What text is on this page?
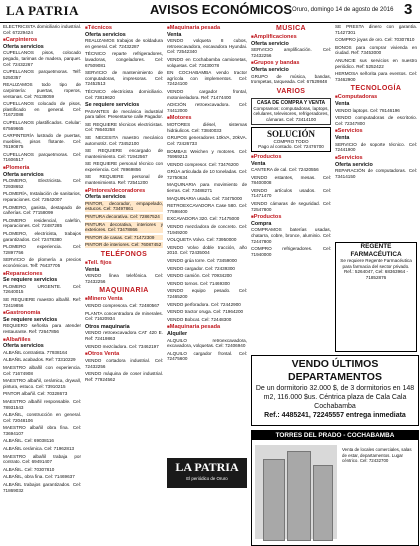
LA PATRIA	AVISOS ECONÓMICOS Oruro, domingo 14 de agosto de 2016 3
ELECTRICISTA domiciliario industrial. Cel: 67229424
■ Carpinteros
Oferta servicios
CUPELLANOS pisos, colocado pegado, tarimas de madera, parquet. Cel: 72432267
CUPELLANOS parquetmoras. Telf: 5250357
REALIZAMOS todo tipo de carpintería: puertas, roperos, ventanas. Cel: 76138059
CUPELLANOS colocado de pisos, plastificado en general. Cel: 71672088
CUPELLANOS plastificados. Celular: 67569665
CARPINTERÍA lustrado de puertas, muebles, pisos flotante. Cel: 76190875
CUPELLANOS parquetmoras. Cel: 71606517
■ Plomería
Oferta servicios
PLOMERO, Electricista. Cel: 72938652
PLOMERÍA, Instalación de sanitarios, reparaciones. Cel: 72642007
PLOMERO, gasista, destapado de cañerías. Cel: 77158099
PLOMERO residencial, calefón, reparaciones. Cel: 72487285
PLOMERO, electricista, trabajos garantizados. Cel: 72478380
PLOMERO experiencia. Cel: 72897756
SERVICIO de plomería a precios económicos. Telf: 76437705
■ Reparaciones
Se requiere servicios
PLOMERO URGENTE. Cel: 72640015
SE REQUIERE maestro albañil. Ref: 72419856
■ Gastronomía
Se requiere servicios
REQUIERO señorita para atender restaurante. Ref: 72647856
■ Albañiles
Oferta servicios
ALBAÑIL contratista. 77938164
ALBAÑIL acabados. Ref: 73310229
MAESTRO albañil con experiencia. Cel: 71674908
MAESTRO albañil, cerámica, drywall, pintura, estuco. Cel: 73910215
PINTOR albañil. Cel: 70328673
MAESTRO albañil responsable. Cel: 78931543
ALBAÑIL, construcción en general. Cel: 72048106
MAESTRO albañil obra fina. Cel: 73694107
ALBAÑIL. Cel: 69038116
ALBAÑIL cerámica. Cel: 71962813
MAESTRO albañil trabaja por contrato. Cel: 69491407
ALBAÑIL. Cel: 70307810
ALBAÑIL, obra fina. Cel: 71469637
ALBAÑIL trabajos garantizados. Cel: 71869032
■ Técnicos
Oferta servicios
REALIZAMOS trabajos de soldadura en general. Cel: 72432287
TÉCNICO reparte refrigeradores, lavadoras, congeladores. Cel: 67509081
SERVICIO de mantenimiento de computadoras, impresoras. Cel: 72452513
TÉCNICO electricista domiciliario. Cel: 73819620
Se requiere servicios
PASANTES de mecánica industrial para taller. Presentarse calle Pagador.
SE REQUIERE técnicos electricistas. Cel: 78640258
SE NECESITA maestro mecánico automotriz. Cel: 73452100
SE REQUIERE encargado de mantenimiento. Cel: 71942567
SE REQUIERE personal técnico con experiencia. Cel: 78969856
SE REQUIERE personal de mantenimiento. Ref: 72541200
■ Pintores/decoradores
Oferta servicios
PINTOR, decorador, empapelado, estucos. Cel: 73497861
PINTURA decorativa. Cel: 72867524
PINTURA decorativa, interiores y exteriores. Cel: 73478866
PINTOR de casas. Cel: 71472309
PINTOR de interiores. Cel: 76087452
TELÉFONOS
■ Tell. fijos
Venta
VENDO línea telefónica. Cel: 72432256
MAQUINARIA
■ Minero Venta
VENDO compresora. Cel: 72480567
PLANTA concentradora de minerales. Cel: 71620934
Otros maquinaria
VENDO retroexcavadora CAT 420 E. Ref: 72419863
VENDO mezcladora. Cel: 73462197
■ Otros Venta
VENDO cortadora industrial. Cel: 72432256
VENDO máquina de coser industrial. Ref: 77924562
■ Maquinaria pesada
Venta
VENDO volqueta 8 cubos, retroexcavadora, excavadora Hyundai. Cel: 72542340
VENDO en Cochabamba camionetas, volquetas. Cel: 73430078
EN COCHABAMBA vendo tractor agrícola con implementos. Cel: 72424100
VENDO cargador frontal, motoniveladora. Ref: 71474400
ADICIÓN retroexcavadora. Cel: 74412000
■ Motores
MOTORES diésel, sistemas hidráulicos. Cel: 73840033
GRUPOS generadores 10kVA, 20kVA. Cel: 72426733
BOMBAS Weichen y motores. Cel: 76969213
VENDO compresor. Cel: 73476200
GRÚA articulada de 10 toneladas. Cel: 72750634
MAQUINARIA para movimiento de tierras. Cel: 73488271
MAQUINARIA usada. Cel: 73475000
RETROEXCAVADORA Case 580. Cel: 77598400
EXCAVADORA 320. Cel: 71475000
VENDO mezcladora de concreto. Cel: 71949200
VOLQUETA Volvo. Cel: 73950000
VENDO Volvo doble tracción, año 2010. Cel: 72435004
VENDO grúa torre. Cel: 73459000
VENDO cargador. Cel: 72439300
VENDO camión. Cel: 70934200
VENDO tornos. Cel: 71469300
VENDO equipo pesado. Cel: 72465200
VENDO perforadora. Cel: 72442900
VENDO tractor oruga. Cel: 71964200
VENDO Bobcat. Cel: 72448300
■ Maquinaria pesada
Alquiler
ALQUILO retroexcavadora, excavadora, volquetas. Cel: 72406940
ALQUILO cargador frontal. Cel: 72475600
MÚSICA
■ Amplificaciones
Oferta servicio
SERVICIO amplificación. Cel: 72432256
■ Grupos y bandas
Oferta servicio
GRUPO de música, bandas, trompetas, tarqueada. Cel: 67529848
VARIOS
CASA DE COMPRA Y VENTA
Compramos: computadoras, laptops, celulares, televisores, refrigeradores, cámaras. Cel: 73414100
SOLUCIÓN
COMPRO TODO
Pago al contado. Cel: 72476700
■ Productos
Venta
CANTERA de cal. Cel: 72420556
VENDO estantes, mesas. Cel: 78400008
VENDO artículos usados. Cel: 71471470
VENDO cámaras de seguridad. Cel: 72547800
■ Productos
Compra
COMPRAMOS baterías usadas, chatarra, cobre, bronce, aluminio. Cel: 72447800
COMPRO refrigeradores. Cel: 71940000
SE PRESTA dinero con garantía. 71427301
COMPRO joyas de oro. Cel: 70307810
BONOS para comprar vivienda en ciudad. Ref: 73453000
ANUNCIE sus servicios en nuestro periódico. Ref: 5252422
HERMOSA señorita para eventos. Cel: 73462900
TECNOLOGÍA
■ Computadoras
Venta
VENDO laptops. Cel: 78146196
VENDO computadoras de escritorio. Cel: 72347800
■ Servicios
Venta
SERVICIO de soporte técnico. Cel: 72441900
■ Servicios
Oferta servicio
REPARACIÓN de computadoras. Cel: 73414150
REGENTE FARMACÉUTICA
Se requiere Regente Farmacéutica para farmacia del sector privado.
Ref.: 5264047, Cel: 68363964 - 71852876
LA PATRIA
El periódico de Oruro
VENDO ÚLTIMOS DEPARTAMENTOS
De un dormitorio 32.000 $, de 3 dormitorios en 148 m2, 116.000 $us. Céntrica plaza de Cala Cala Cochabamba
Ref.: 4485241, 72245557 entrega inmediata
TORRES DEL PRADO - COCHABAMBA
Venta de locales comerciales, salas de estar, departamentos. Lugar céntrico. Cel: 72432700
